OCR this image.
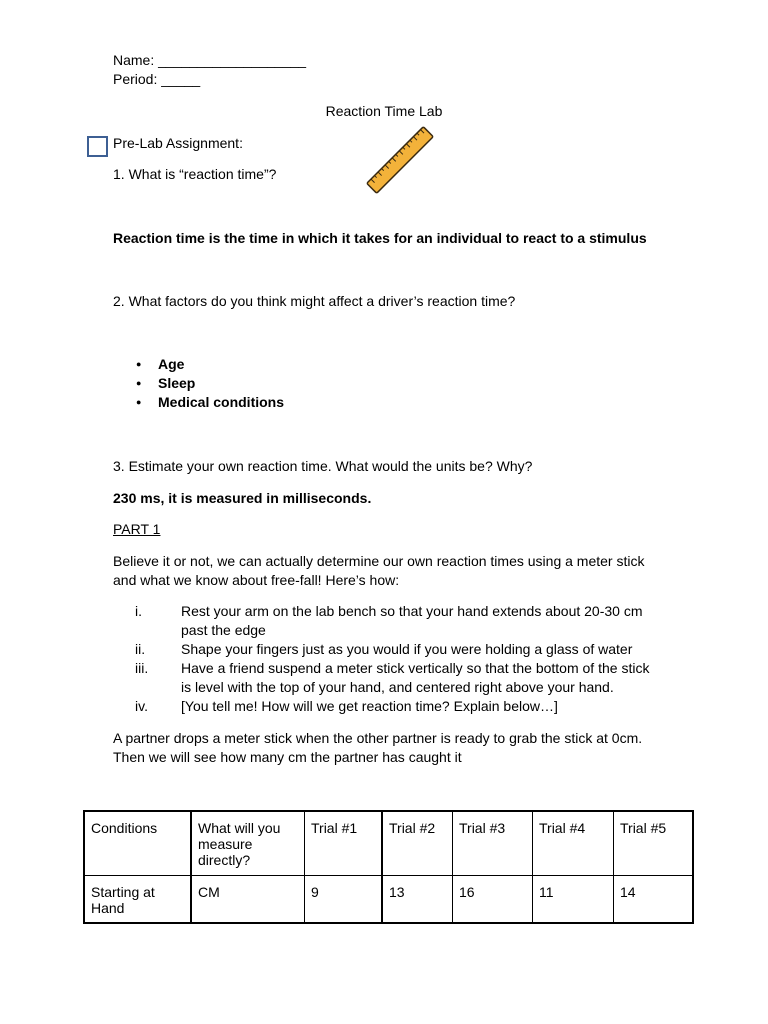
Name: ___________________
Period: _____
Reaction Time Lab
Pre-Lab Assignment:
1. What is “reaction time”?
Reaction time is the time in which it takes for an individual to react to a stimulus
2. What factors do you think might affect a driver’s reaction time?
● Age
● Sleep
● Medical conditions
3. Estimate your own reaction time. What would the units be? Why?
230 ms, it is measured in milliseconds.
PART 1
Believe it or not, we can actually determine our own reaction times using a meter stick
and what we know about free-fall! Here’s how:
i.	Rest your arm on the lab bench so that your hand extends about 20-30 cm
past the edge
ii.	Shape your fingers just as you would if you were holding a glass of water
iii. Have a friend suspend a meter stick vertically so that the bottom of the stick
is level with the top of your hand, and centered right above your hand.
iv. [You tell me! How will we get reaction time? Explain below…]
A partner drops a meter stick when the other partner is ready to grab the stick at 0cm.
Then we will see how many cm the partner has caught it
Conditions	What will you measure directly?	Trial #1	Trial #2	Trial #3	Trial #4	Trial #5
Starting at Hand	CM	9	13	16	11	14
